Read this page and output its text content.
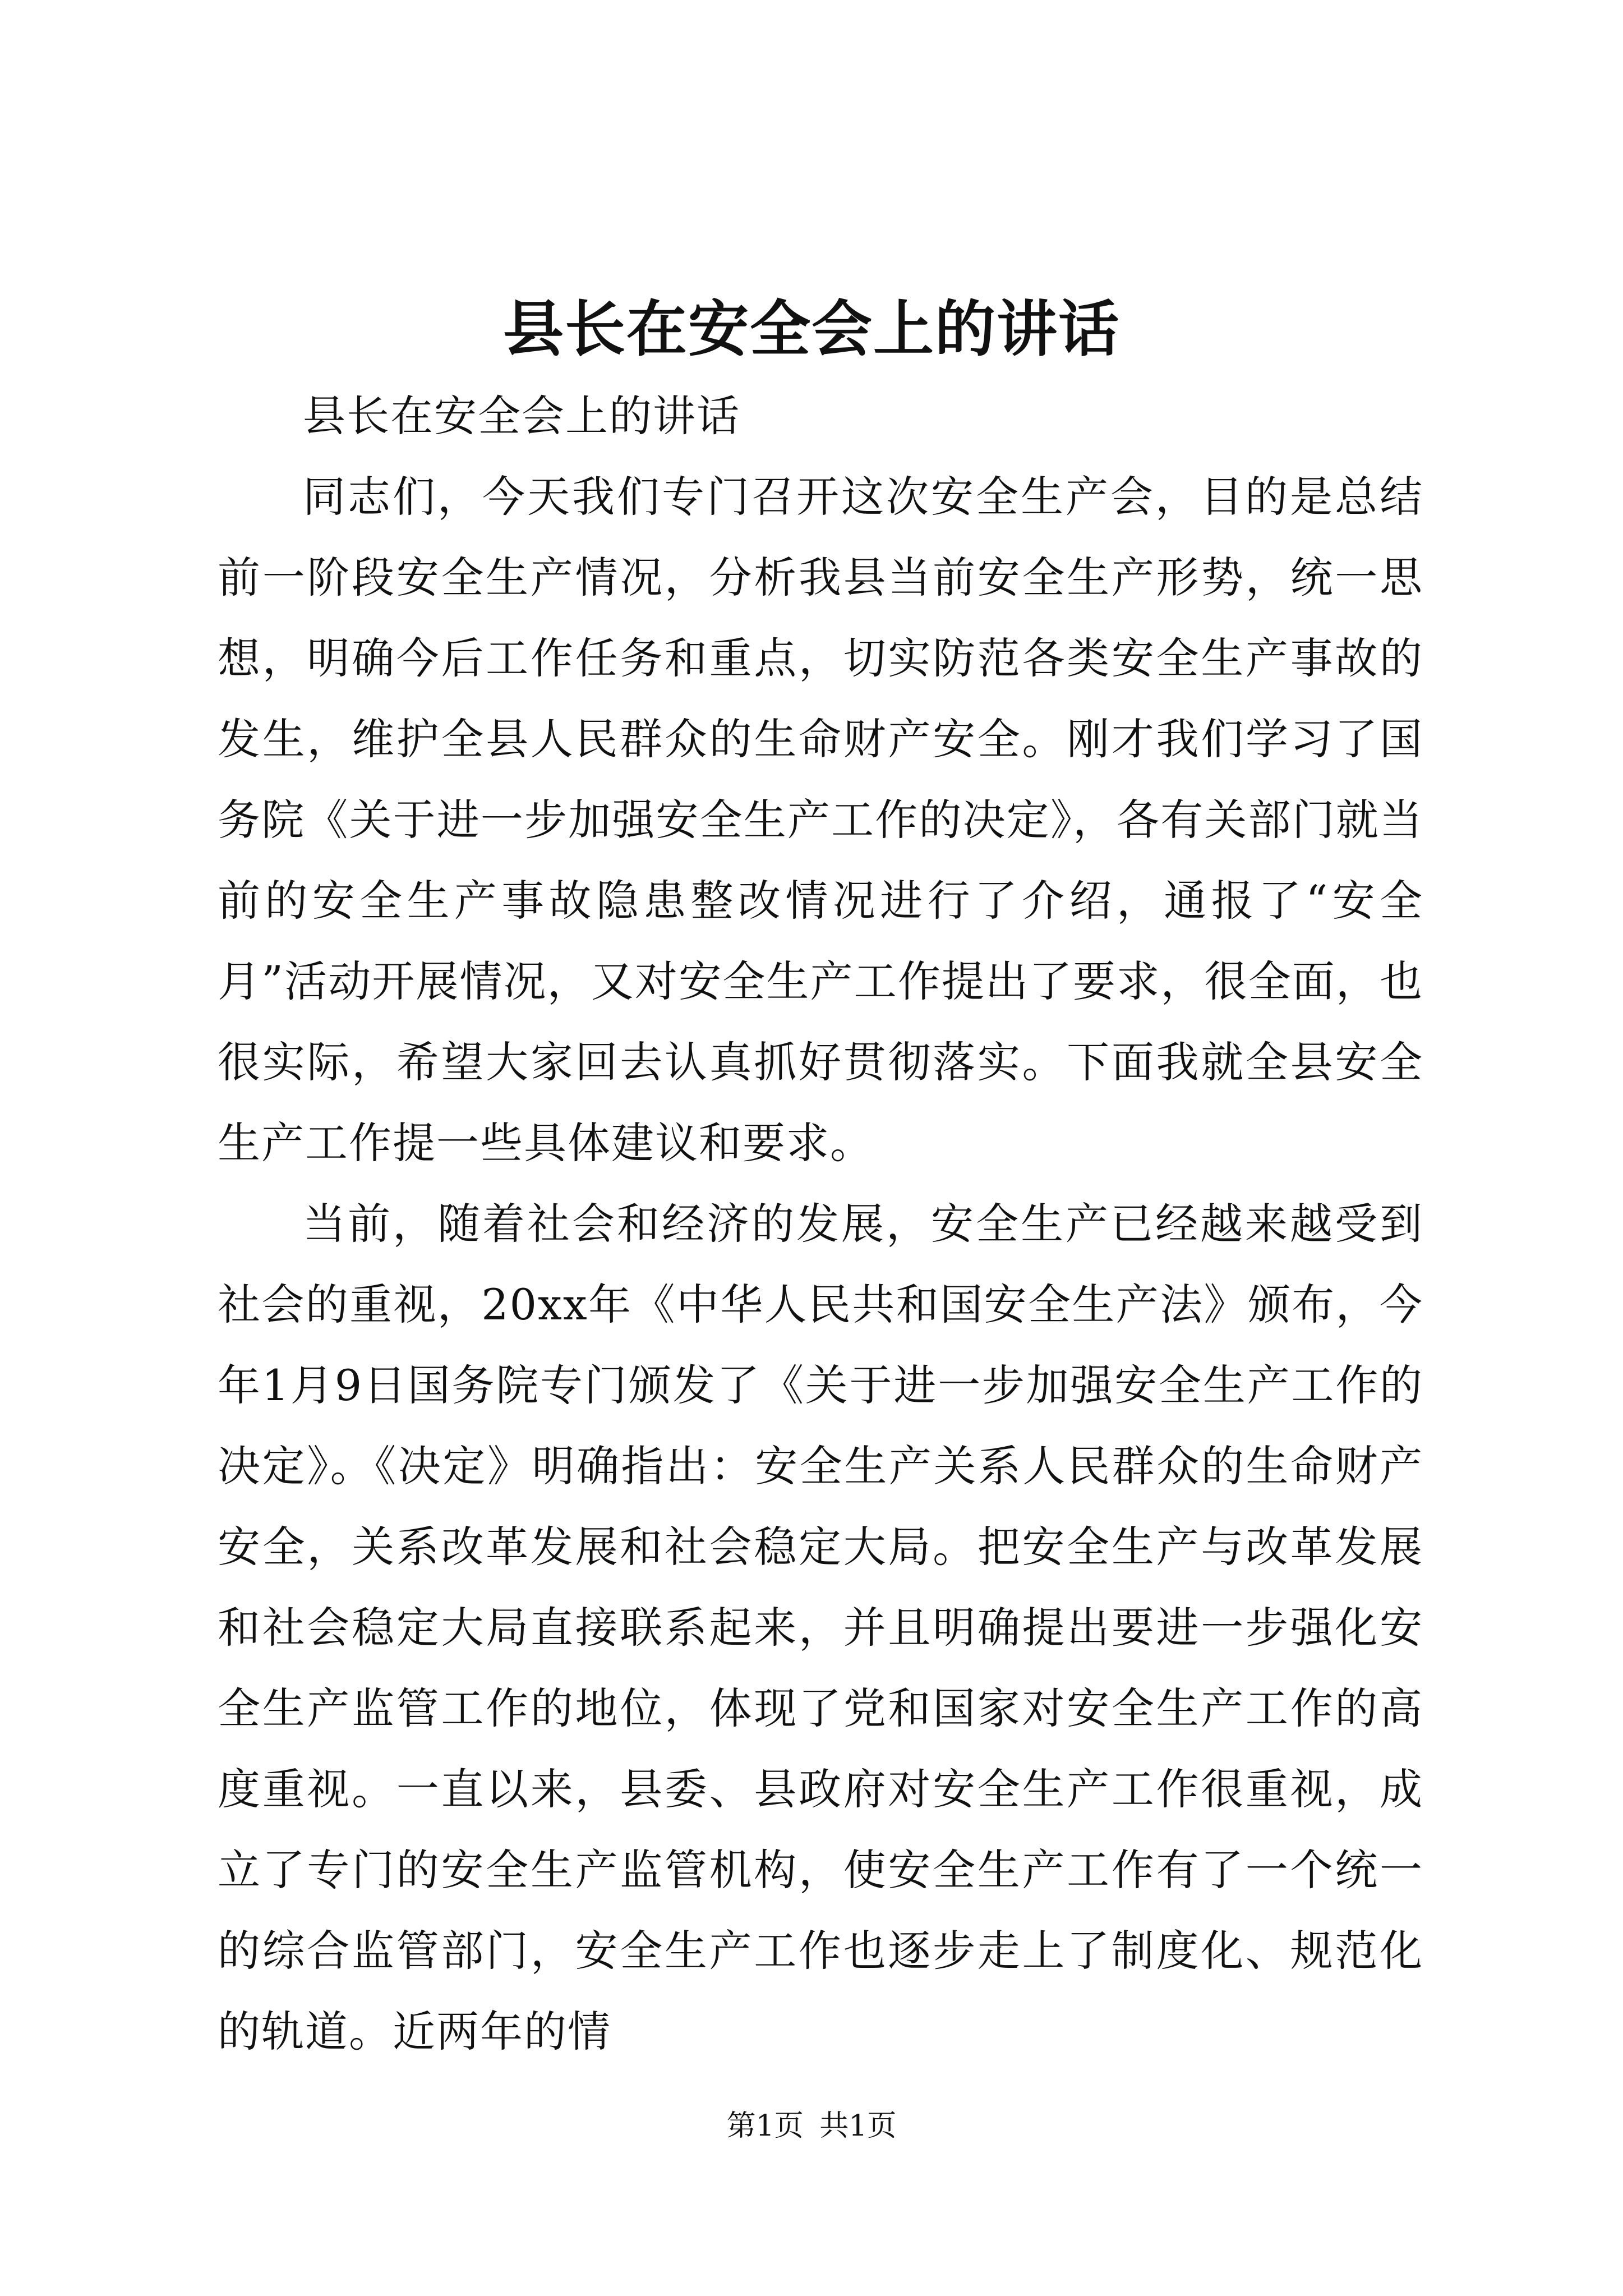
县长在安全会上的讲话

县长在安全会上的讲话

同志们，今天我们专门召开这次安全生产会，目的是总结前一阶段安全生产情况，分析我县当前安全生产形势，统一思想，明确今后工作任务和重点，切实防范各类安全生产事故的发生，维护全县人民群众的生命财产安全。刚才我们学习了国务院《关于进一步加强安全生产工作的决定》，各有关部门就当前的安全生产事故隐患整改情况进行了介绍，通报了“安全月”活动开展情况，又对安全生产工作提出了要求，很全面，也很实际，希望大家回去认真抓好贯彻落实。下面我就全县安全生产工作提一些具体建议和要求。

当前，随着社会和经济的发展，安全生产已经越来越受到社会的重视，20xx年《中华人民共和国安全生产法》颁布，今年1月9日国务院专门颁发了《关于进一步加强安全生产工作的决定》。《决定》明确指出：安全生产关系人民群众的生命财产安全，关系改革发展和社会稳定大局。把安全生产与改革发展和社会稳定大局直接联系起来，并且明确提出要进一步强化安全生产监管工作的地位，体现了党和国家对安全生产工作的高度重视。一直以来，县委、县政府对安全生产工作很重视，成立了专门的安全生产监管机构，使安全生产工作有了一个统一的综合监管部门，安全生产工作也逐步走上了制度化、规范化的轨道。近两年的情

第1页 共1页
